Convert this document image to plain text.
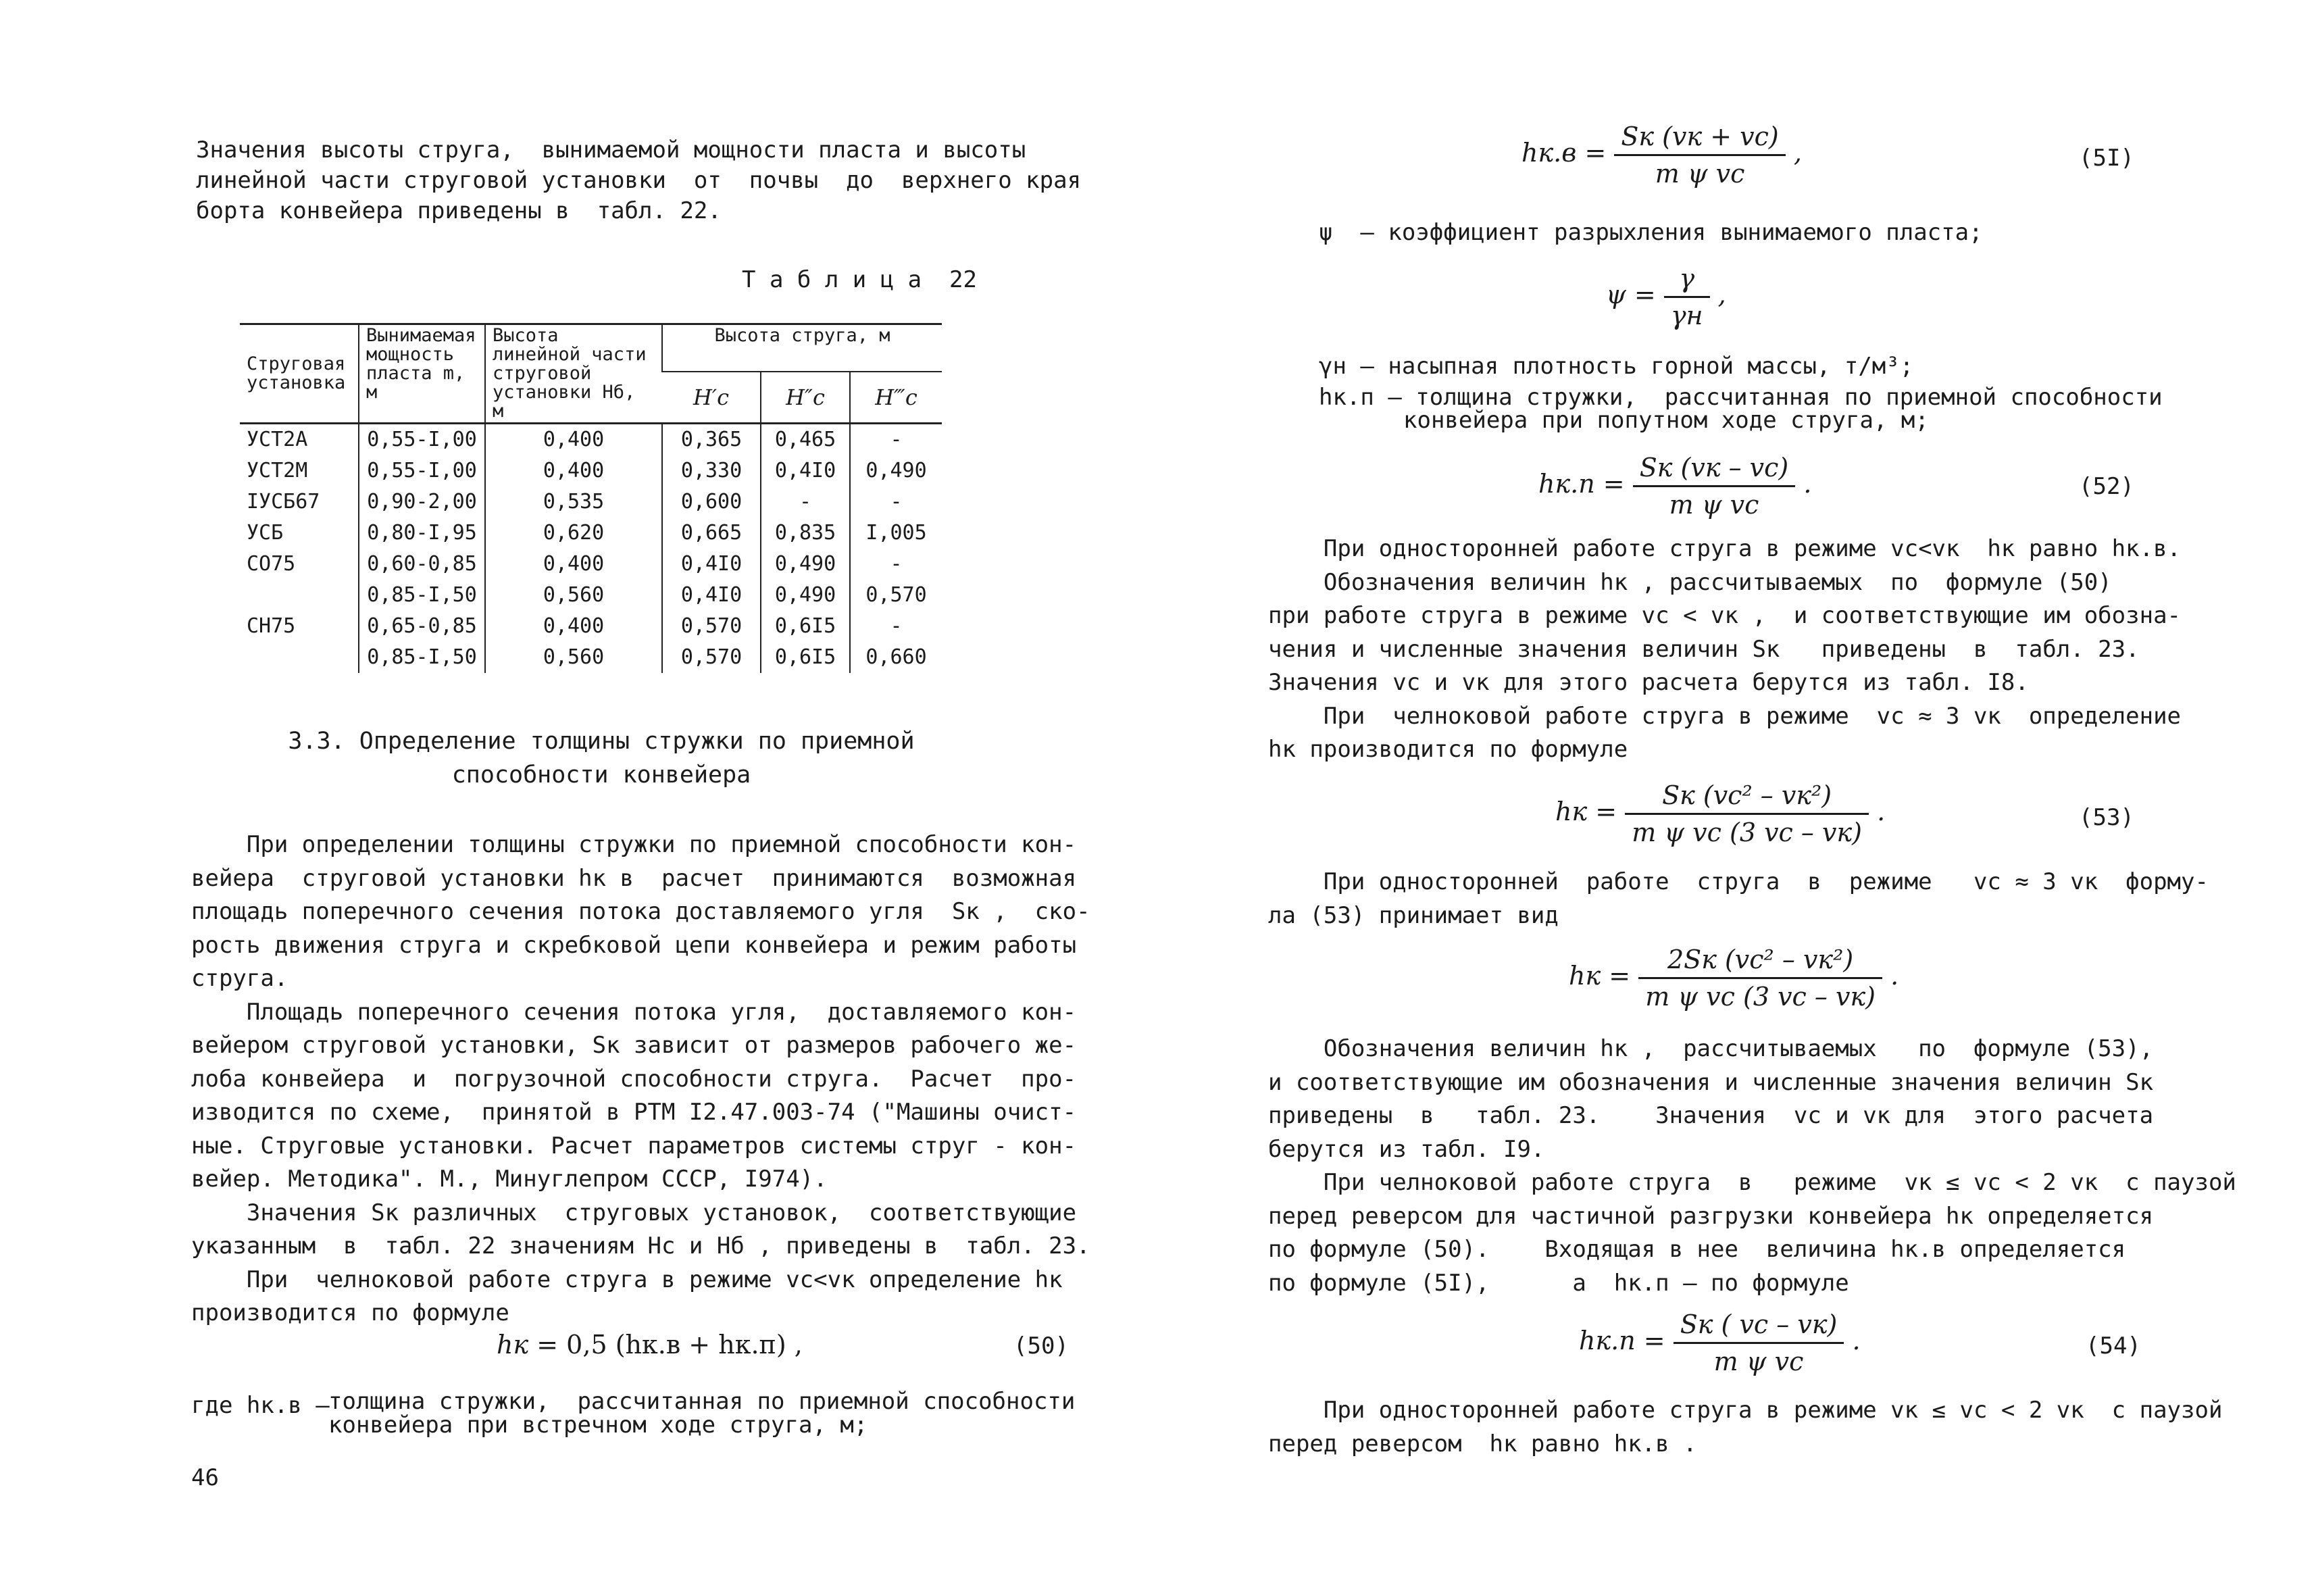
Значения высоты струга,  вынимаемой мощности пласта и высоты
линейной части струговой установки  от  почвы  до  верхнего края
борта конвейера приведены в  табл. 22.
Т а б л и ц а  22
Струговая установка	Вынимаемая мощность пласта m, м	Высота линейной части струговой установки Hб, м	Высота струга, м		
			H′c	H″c	H‴c
УСТ2А	0,55-I,00	0,400	0,365	0,465	-
УСТ2М	0,55-I,00	0,400	0,330	0,4I0	0,490
IУСБ67	0,90-2,00	0,535	0,600	-	-
УСБ	0,80-I,95	0,620	0,665	0,835	I,005
СО75	0,60-0,85	0,400	0,4I0	0,490	-
	0,85-I,50	0,560	0,4I0	0,490	0,570
СН75	0,65-0,85	0,400	0,570	0,6I5	-
	0,85-I,50	0,560	0,570	0,6I5	0,660
3.3. Определение толщины стружки по приемной
способности конвейера
При определении толщины стружки по приемной способности кон-
вейера  струговой установки hк в  расчет  принимаются  возможная
площадь поперечного сечения потока доставляемого угля  Sк ,  ско-
рость движения струга и скребковой цепи конвейера и режим работы
струга.
Площадь поперечного сечения потока угля,  доставляемого кон-
вейером струговой установки, Sк зависит от размеров рабочего же-
лоба конвейера  и  погрузочной способности струга.  Расчет  про-
изводится по схеме,  принятой в РТМ I2.47.003-74 ("Машины очист-
ные. Струговые установки. Расчет параметров системы струг - кон-
вейер. Методика". М., Минуглепром СССР, I974).
Значения Sк различных  струговых установок,  соответствующие
указанным  в  табл. 22 значениям Hc и Hб , приведены в  табл. 23.
При  челноковой работе струга в режиме vc<vк определение hк
производится по формуле
hк = 0,5 (hк.в + hк.п) ,	(50)
где hк.в –
толщина стружки,  рассчитанная по приемной способности
конвейера при встречном ходе струга, м;
46
$hк.в = \frac{Sк (vк + vc)}{\text{m ψ vc}}$ ,	(5I)
ψ  – коэффициент разрыхления вынимаемого пласта;
$\psi = \frac{\gamma}{\gamma н}$ ,
γн – насыпная плотность горной массы, т/м³;
hк.п – толщина стружки,  рассчитанная по приемной способности
конвейера при попутном ходе струга, м;
$hк.п = \frac{Sк (vк - vc)}{\text{m ψ vc}}$ .	(52)
При односторонней работе струга в режиме vc<vк  hк равно hк.в.
Обозначения величин hк , рассчитываемых  по  формуле (50)
при работе струга в режиме vc < vк ,  и соответствующие им обозна-
чения и численные значения величин Sк   приведены  в  табл. 23.
Значения vc и vк для этого расчета берутся из табл. I8.
При  челноковой работе струга в режиме  vc ≈ 3 vк  определение
hк производится по формуле
hк = $\frac{\text{Sк (vc² – vк²)}}{\text{m ψ vc (3 vc – vк)}}$ .	(53)
При односторонней  работе  струга  в  режиме   vc ≈ 3 vк  форму-
ла (53) принимает вид
hк = $\frac{\text{2Sк (vc² – vк²)}}{\text{m ψ vc (3 vc – vк)}}$ .
Обозначения величин hк ,  рассчитываемых   по  формуле (53),
и соответствующие им обозначения и численные значения величин Sк
приведены  в   табл. 23.    Значения  vc и vк для  этого расчета
берутся из табл. I9.
При челноковой работе струга  в   режиме  vк ≤ vc < 2 vк  с паузой
перед реверсом для частичной разгрузки конвейера hк определяется
по формуле (50).    Входящая в нее  величина hк.в определяется
по формуле (5I),      а  hк.п – по формуле
$hк.п = \frac{Sк ( vc - vк)}{\text{m ψ vc}}$ .	(54)
При односторонней работе струга в режиме vк ≤ vc < 2 vк  с паузой
перед реверсом  hк равно hк.в .
